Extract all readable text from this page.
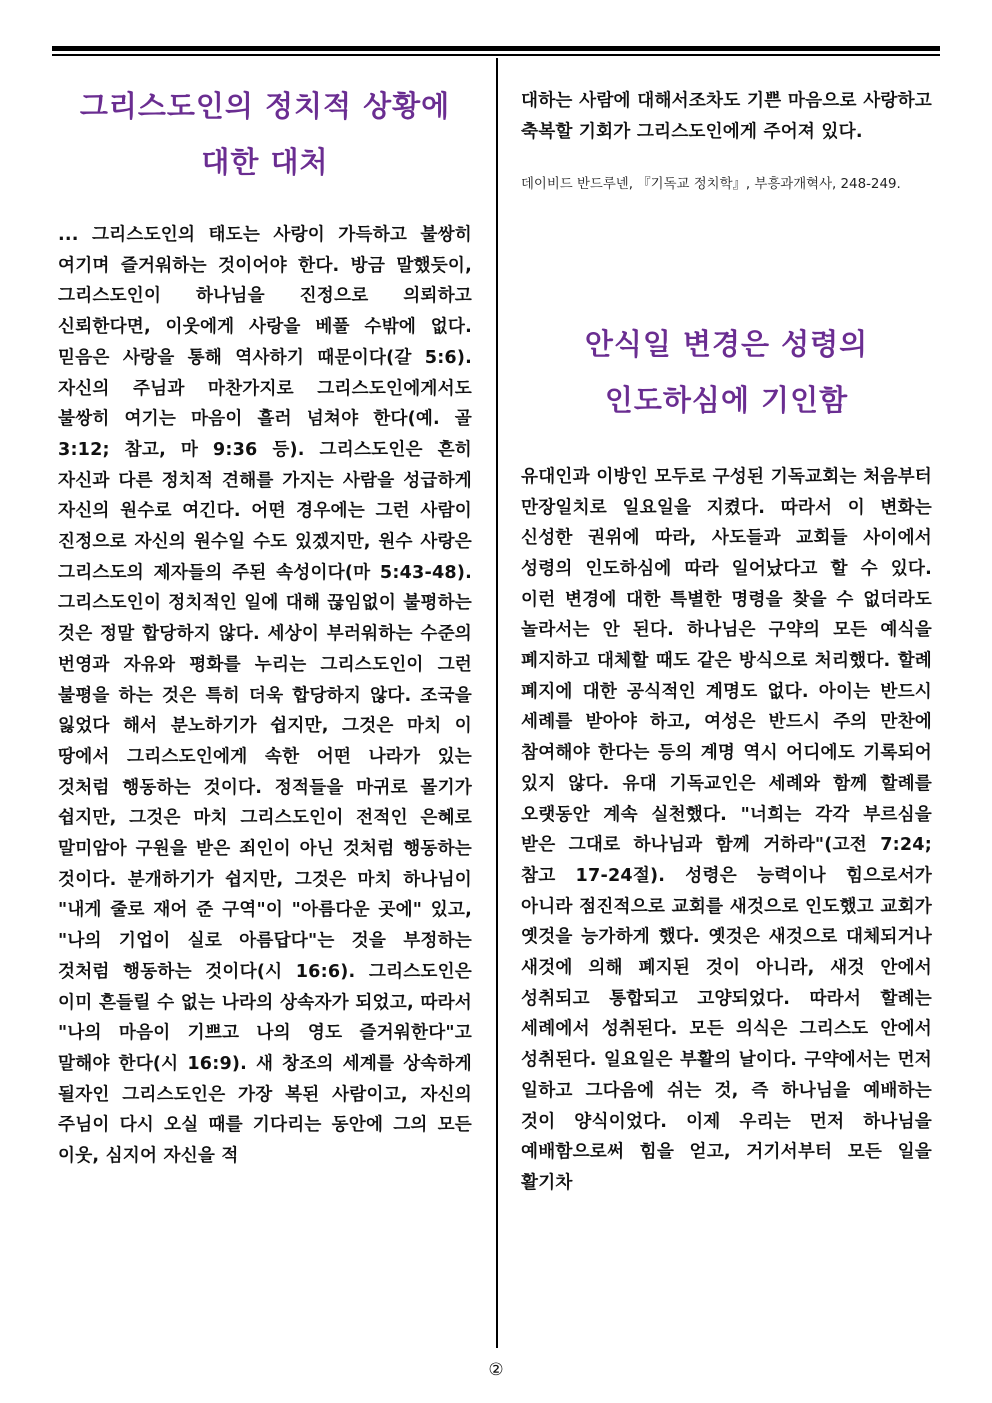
그리스도인의 정치적 상황에
대한 대처

... 그리스도인의 태도는 사랑이 가득하고 불쌍히 여기며 즐거워하는 것이어야 한다. 방금 말했듯이, 그리스도인이 하나님을 진정으로 의뢰하고 신뢰한다면, 이웃에게 사랑을 베풀 수밖에 없다. 믿음은 사랑을 통해 역사하기 때문이다(갈 5:6). 자신의 주님과 마찬가지로 그리스도인에게서도 불쌍히 여기는 마음이 흘러 넘쳐야 한다(예. 골 3:12; 참고, 마 9:36 등). 그리스도인은 흔히 자신과 다른 정치적 견해를 가지는 사람을 성급하게 자신의 원수로 여긴다. 어떤 경우에는 그런 사람이 진정으로 자신의 원수일 수도 있겠지만, 원수 사랑은 그리스도의 제자들의 주된 속성이다(마 5:43-48). 그리스도인이 정치적인 일에 대해 끊임없이 불평하는 것은 정말 합당하지 않다. 세상이 부러워하는 수준의 번영과 자유와 평화를 누리는 그리스도인이 그런 불평을 하는 것은 특히 더욱 합당하지 않다. 조국을 잃었다 해서 분노하기가 쉽지만, 그것은 마치 이 땅에서 그리스도인에게 속한 어떤 나라가 있는 것처럼 행동하는 것이다. 정적들을 마귀로 몰기가 쉽지만, 그것은 마치 그리스도인이 전적인 은혜로 말미암아 구원을 받은 죄인이 아닌 것처럼 행동하는 것이다. 분개하기가 쉽지만, 그것은 마치 하나님이 "내게 줄로 재어 준 구역"이 "아름다운 곳에" 있고, "나의 기업이 실로 아름답다"는 것을 부정하는 것처럼 행동하는 것이다(시 16:6). 그리스도인은 이미 흔들릴 수 없는 나라의 상속자가 되었고, 따라서 "나의 마음이 기쁘고 나의 영도 즐거워한다"고 말해야 한다(시 16:9). 새 창조의 세계를 상속하게 될자인 그리스도인은 가장 복된 사람이고, 자신의 주님이 다시 오실 때를 기다리는 동안에 그의 모든 이웃, 심지어 자신을 적

대하는 사람에 대해서조차도 기쁜 마음으로 사랑하고 축복할 기회가 그리스도인에게 주어져 있다.

데이비드 반드루넨, 『기독교 정치학』, 부흥과개혁사, 248-249.

안식일 변경은 성령의
인도하심에 기인함

유대인과 이방인 모두로 구성된 기독교회는 처음부터 만장일치로 일요일을 지켰다. 따라서 이 변화는 신성한 권위에 따라, 사도들과 교회들 사이에서 성령의 인도하심에 따라 일어났다고 할 수 있다. 이런 변경에 대한 특별한 명령을 찾을 수 없더라도 놀라서는 안 된다. 하나님은 구약의 모든 예식을 폐지하고 대체할 때도 같은 방식으로 처리했다. 할례 폐지에 대한 공식적인 계명도 없다. 아이는 반드시 세례를 받아야 하고, 여성은 반드시 주의 만찬에 참여해야 한다는 등의 계명 역시 어디에도 기록되어 있지 않다. 유대 기독교인은 세례와 함께 할례를 오랫동안 계속 실천했다. "너희는 각각 부르심을 받은 그대로 하나님과 함께 거하라"(고전 7:24; 참고 17-24절). 성령은 능력이나 힘으로서가 아니라 점진적으로 교회를 새것으로 인도했고 교회가 옛것을 능가하게 했다. 옛것은 새것으로 대체되거나 새것에 의해 폐지된 것이 아니라, 새것 안에서 성취되고 통합되고 고양되었다. 따라서 할례는 세례에서 성취된다. 모든 의식은 그리스도 안에서 성취된다. 일요일은 부활의 날이다. 구약에서는 먼저 일하고 그다음에 쉬는 것, 즉 하나님을 예배하는 것이 양식이었다. 이제 우리는 먼저 하나님을 예배함으로써 힘을 얻고, 거기서부터 모든 일을 활기차

②
